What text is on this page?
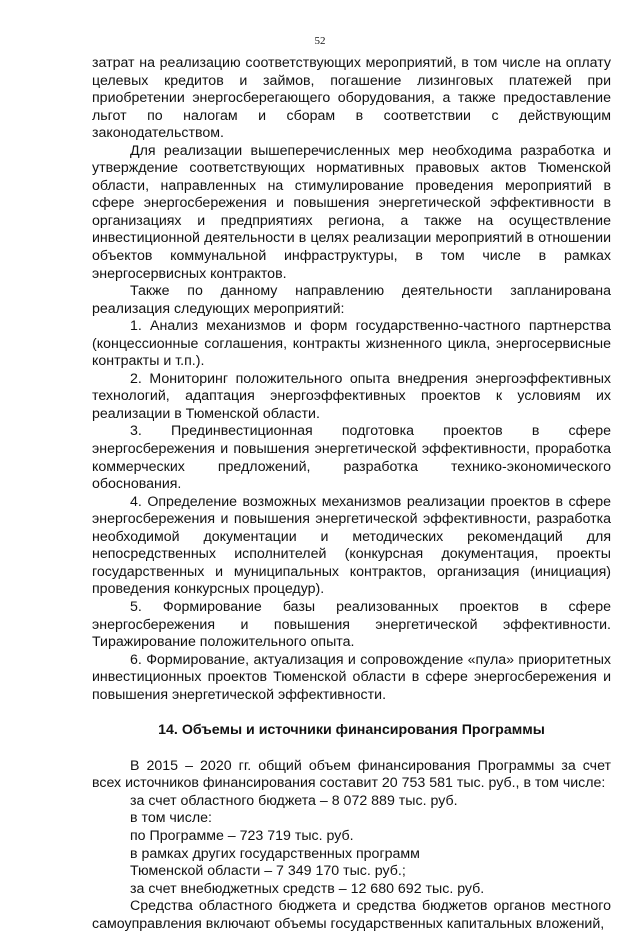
52

затрат на реализацию соответствующих мероприятий, в том числе на оплату целевых кредитов и займов, погашение лизинговых платежей при приобретении энергосберегающего оборудования, а также предоставление льгот по налогам и сборам в соответствии с действующим законодательством.

Для реализации вышеперечисленных мер необходима разработка и утверждение соответствующих нормативных правовых актов Тюменской области, направленных на стимулирование проведения мероприятий в сфере энергосбережения и повышения энергетической эффективности в организациях и предприятиях региона, а также на осуществление инвестиционной деятельности в целях реализации мероприятий в отношении объектов коммунальной инфраструктуры, в том числе в рамках энергосервисных контрактов.

Также по данному направлению деятельности запланирована реализация следующих мероприятий:

1. Анализ механизмов и форм государственно-частного партнерства (концессионные соглашения, контракты жизненного цикла, энергосервисные контракты и т.п.).

2. Мониторинг положительного опыта внедрения энергоэффективных технологий, адаптация энергоэффективных проектов к условиям их реализации в Тюменской области.

3. Прединвестиционная подготовка проектов в сфере энергосбережения и повышения энергетической эффективности, проработка коммерческих предложений, разработка технико-экономического обоснования.

4. Определение возможных механизмов реализации проектов в сфере энергосбережения и повышения энергетической эффективности, разработка необходимой документации и методических рекомендаций для непосредственных исполнителей (конкурсная документация, проекты государственных и муниципальных контрактов, организация (инициация) проведения конкурсных процедур).

5. Формирование базы реализованных проектов в сфере энергосбережения и повышения энергетической эффективности. Тиражирование положительного опыта.

6. Формирование, актуализация и сопровождение «пула» приоритетных инвестиционных проектов Тюменской области в сфере энергосбережения и повышения энергетической эффективности.

14. Объемы и источники финансирования Программы

В 2015 – 2020 гг. общий объем финансирования Программы за счет всех источников финансирования составит 20 753 581 тыс. руб., в том числе:

за счет областного бюджета – 8 072 889 тыс. руб.

в том числе:

по Программе – 723 719 тыс. руб.

в рамках других государственных программ

Тюменской области – 7 349 170 тыс. руб.;

за счет внебюджетных средств – 12 680 692 тыс. руб.

Средства областного бюджета и средства бюджетов органов местного самоуправления включают объемы государственных капитальных вложений,
